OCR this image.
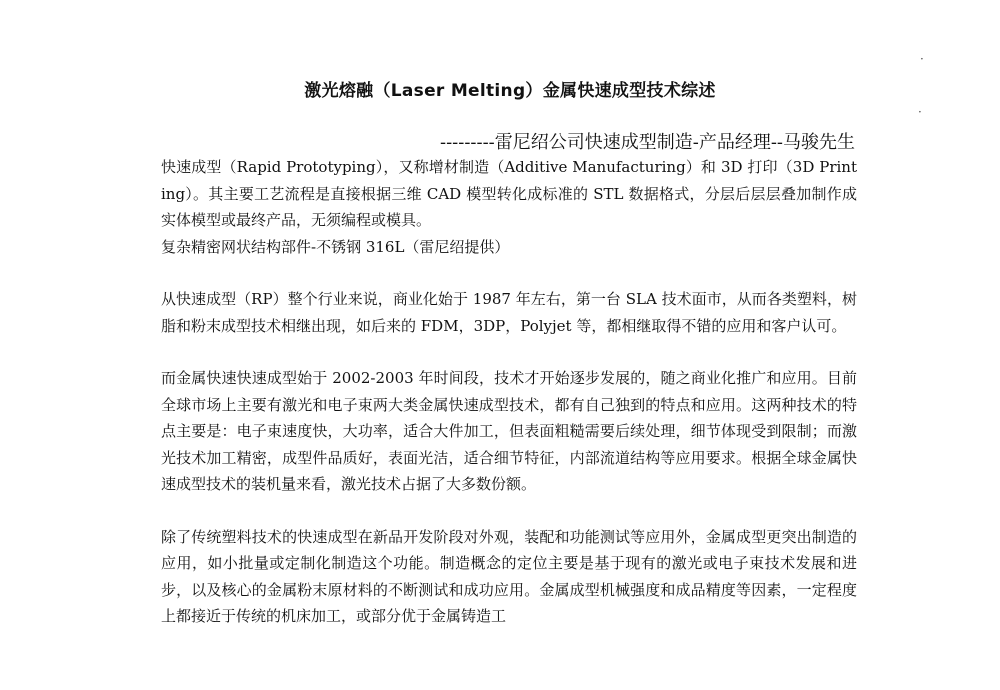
激光熔融（Laser Melting）金属快速成型技术综述
---------雷尼绍公司快速成型制造-产品经理--马骏先生

快速成型（Rapid Prototyping），又称增材制造（Additive Manufacturing）和 3D 打印（3D Printing）。其主要工艺流程是直接根据三维 CAD 模型转化成标准的 STL 数据格式，分层后层层叠加制作成实体模型或最终产品，无须编程或模具。

复杂精密网状结构部件-不锈钢 316L（雷尼绍提供）

从快速成型（RP）整个行业来说，商业化始于 1987 年左右，第一台 SLA 技术面市，从而各类塑料，树脂和粉末成型技术相继出现，如后来的 FDM，3DP，Polyjet 等，都相继取得不错的应用和客户认可。

而金属快速快速成型始于 2002-2003 年时间段，技术才开始逐步发展的，随之商业化推广和应用。目前全球市场上主要有激光和电子束两大类金属快速成型技术，都有自己独到的特点和应用。这两种技术的特点主要是：电子束速度快，大功率，适合大件加工，但表面粗糙需要后续处理，细节体现受到限制；而激光技术加工精密，成型件品质好，表面光洁，适合细节特征，内部流道结构等应用要求。根据全球金属快速成型技术的装机量来看，激光技术占据了大多数份额。

除了传统塑料技术的快速成型在新品开发阶段对外观，装配和功能测试等应用外，金属成型更突出制造的应用，如小批量或定制化制造这个功能。制造概念的定位主要是基于现有的激光或电子束技术发展和进步，以及核心的金属粉末原材料的不断测试和成功应用。金属成型机械强度和成品精度等因素，一定程度上都接近于传统的机床加工，或部分优于金属铸造工

·
·
